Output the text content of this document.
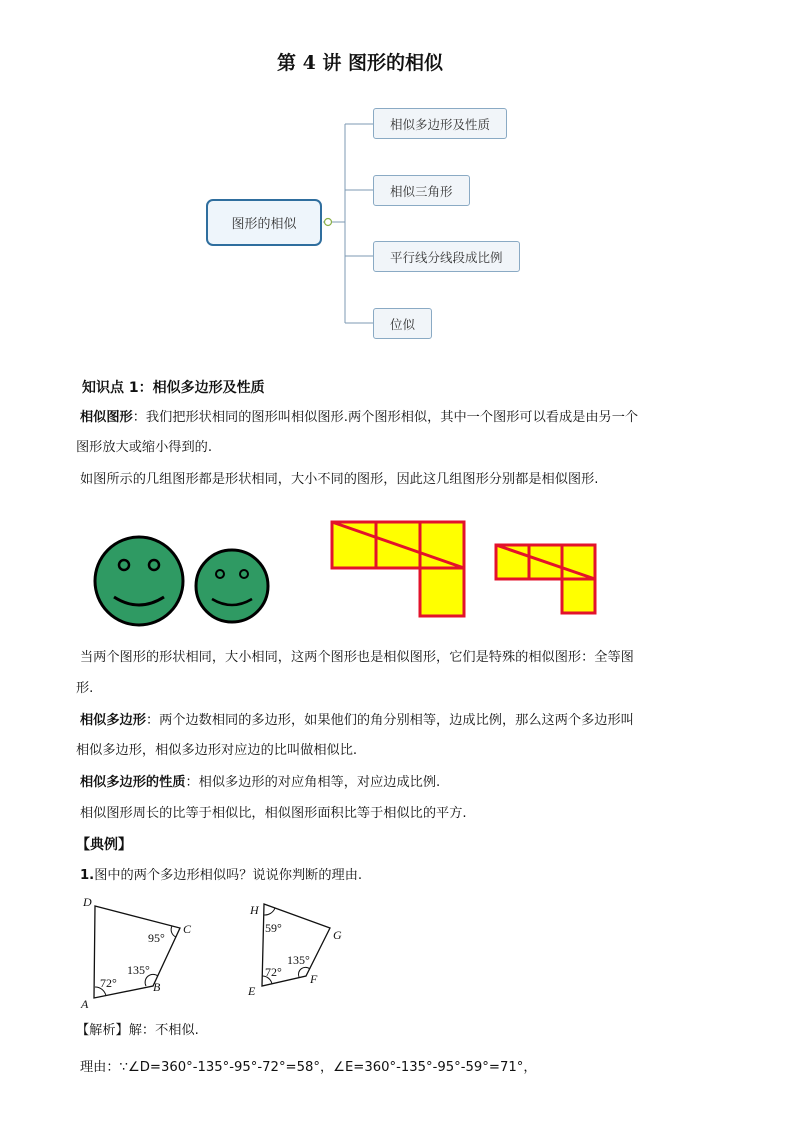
第 4 讲 图形的相似
图形的相似
相似多边形及性质
相似三角形
平行线分线段成比例
位似
知识点 1：相似多边形及性质
相似图形：我们把形状相同的图形叫相似图形.两个图形相似，其中一个图形可以看成是由另一个
图形放大或缩小得到的.
如图所示的几组图形都是形状相同，大小不同的图形，因此这几组图形分别都是相似图形.
当两个图形的形状相同，大小相同，这两个图形也是相似图形，它们是特殊的相似图形：全等图
形.
相似多边形：两个边数相同的多边形，如果他们的角分别相等，边成比例，那么这两个多边形叫
相似多边形，相似多边形对应边的比叫做相似比.
相似多边形的性质：相似多边形的对应角相等，对应边成比例.
相似图形周长的比等于相似比，相似图形面积比等于相似比的平方.
【典例】
1.图中的两个多边形相似吗？说说你判断的理由.
D
C
B
A
72°
135°
95°
H
G
F
E
72°
135°
59°
【解析】解：不相似.
理由：∵∠D=360°-135°-95°-72°=58°，∠E=360°-135°-95°-59°=71°，
